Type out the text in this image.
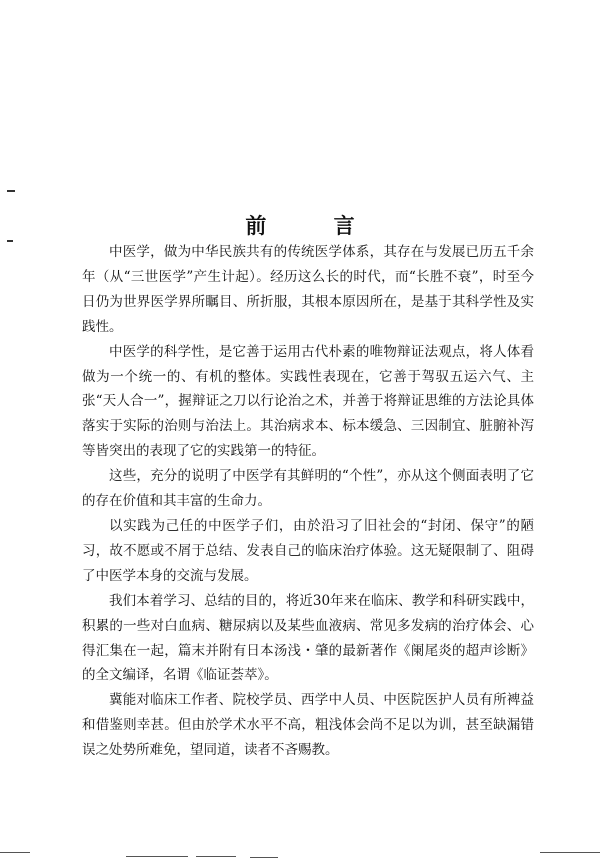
前 言

中医学，做为中华民族共有的传统医学体系，其存在与发展已历五千余年（从“三世医学”产生计起）。经历这么长的时代，而“长胜不衰”，时至今日仍为世界医学界所瞩目、所折服，其根本原因所在，是基于其科学性及实践性。

中医学的科学性，是它善于运用古代朴素的唯物辩证法观点，将人体看做为一个统一的、有机的整体。实践性表现在，它善于驾驭五运六气、主张“天人合一”，握辩证之刀以行论治之术，并善于将辩证思维的方法论具体落实于实际的治则与治法上。其治病求本、标本缓急、三因制宜、脏腑补泻等皆突出的表现了它的实践第一的特征。

这些，充分的说明了中医学有其鲜明的“个性”，亦从这个侧面表明了它的存在价值和其丰富的生命力。

以实践为己任的中医学子们，由於沿习了旧社会的“封闭、保守”的陋习，故不愿或不屑于总结、发表自己的临床治疗体验。这无疑限制了、阻碍了中医学本身的交流与发展。

我们本着学习、总结的目的，将近30年来在临床、教学和科研实践中，积累的一些对白血病、糖尿病以及某些血液病、常见多发病的治疗体会、心得汇集在一起，篇末并附有日本汤浅・肇的最新著作《阑尾炎的超声诊断》的全文编译，名谓《临证荟萃》。

冀能对临床工作者、院校学员、西学中人员、中医院医护人员有所裨益和借鉴则幸甚。但由於学术水平不高，粗浅体会尚不足以为训，甚至缺漏错误之处势所难免，望同道，读者不吝赐教。
